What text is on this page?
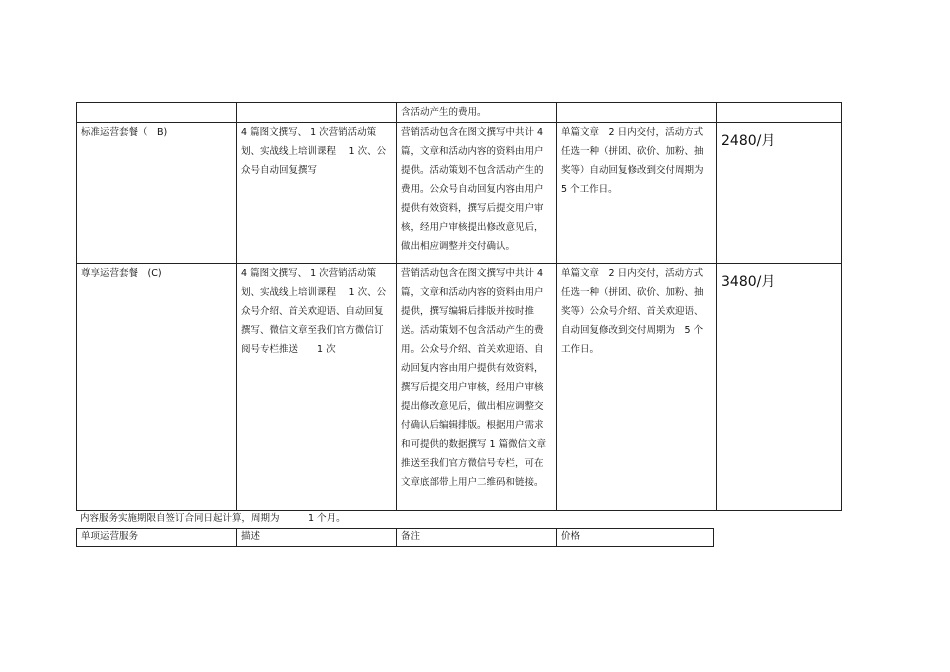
		含活动产生的费用。		
标准运营套餐（　B)	4 篇图文撰写、 1 次营销活动策划、实战线上培训课程　 1 次、公众号自动回复撰写	营销活动包含在图文撰写中共计 4 篇，文章和活动内容的资料由用户提供。活动策划不包含活动产生的费用。公众号自动回复内容由用户提供有效资料，撰写后提交用户审核，经用户审核提出修改意见后，做出相应调整并交付确认。	单篇文章　2 日内交付，活动方式任选一种（拼团、砍价、加粉、抽奖等）自动回复修改到交付周期为　5 个工作日。	2480/月
尊享运营套餐　(C)	4 篇图文撰写、 1 次营销活动策划、实战线上培训课程　 1 次、公众号介绍、首关欢迎语、自动回复撰写、微信文章至我们官方微信订阅号专栏推送　　1 次	营销活动包含在图文撰写中共计 4 篇，文章和活动内容的资料由用户提供，撰写编辑后排版并按时推送。活动策划不包含活动产生的费用。公众号介绍、首关欢迎语、自动回复内容由用户提供有效资料，撰写后提交用户审核，经用户审核提出修改意见后，做出相应调整交付确认后编辑排版。根据用户需求和可提供的数据撰写 1 篇微信文章推送至我们官方微信号专栏，可在文章底部带上用户二维码和链接。	单篇文章　2 日内交付，活动方式任选一种（拼团、砍价、加粉、抽奖等）公众号介绍、首关欢迎语、自动回复修改到交付周期为　5 个工作日。	3480/月
内容服务实施期限自签订合同日起计算，周期为　　　1 个月。
单项运营服务	描述	备注	价格
